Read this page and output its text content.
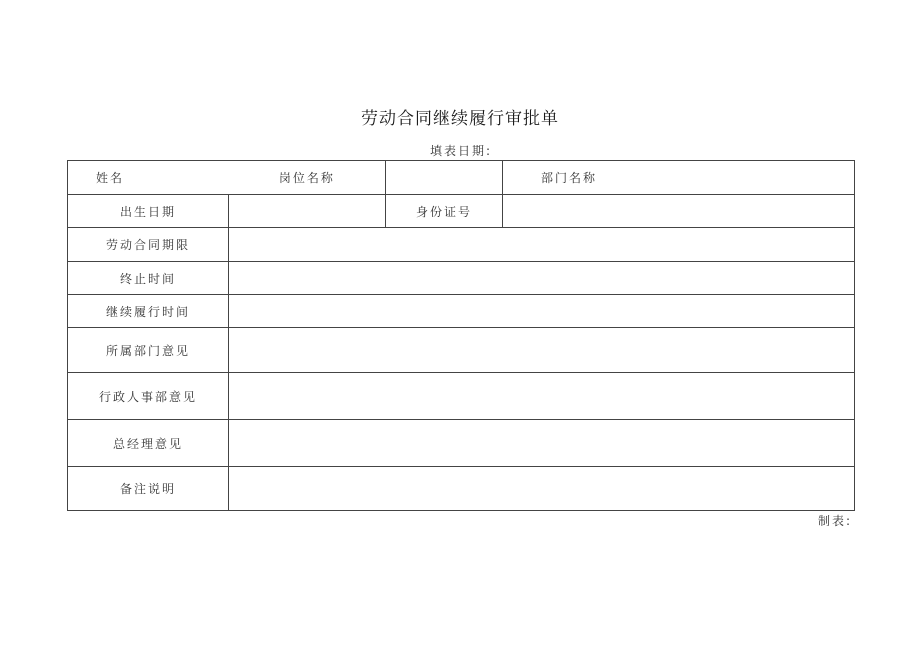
劳动合同继续履行审批单
填表日期:
姓名 岗位名称			部门名称
出生日期		身份证号	
劳动合同期限			
终止时间			
继续履行时间			
所属部门意见			
行政人事部意见			
总经理意见			
备注说明			
制表:
